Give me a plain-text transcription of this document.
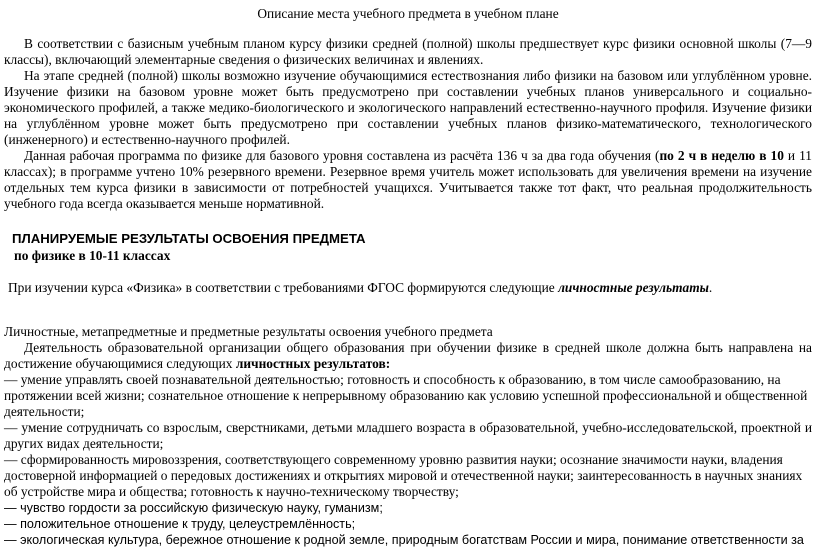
Описание места учебного предмета в учебном плане

В соответствии с базисным учебным планом курсу физики средней (полной) школы предшествует курс физики основной школы (7—9 классы), включающий элементарные сведения о физических величинах и явлениях.

На этапе средней (полной) школы возможно изучение обучающимися естествознания либо физики на базовом или углублённом уровне. Изучение физики на базовом уровне может быть предусмотрено при составлении учебных планов универсального и социально-экономического профилей, а также медико-биологического и экологического направлений естественно-научного профиля. Изучение физики на углублённом уровне может быть предусмотрено при составлении учебных планов физико-математического, технологического (инженерного) и естественно-научного профилей.

Данная рабочая программа по физике для базового уровня составлена из расчёта 136 ч за два года обучения (по 2 ч в неделю в 10 и 11 классах); в программе учтено 10% резервного времени. Резервное время учитель может использовать для увеличения времени на изучение отдельных тем курса физики в зависимости от потребностей учащихся. Учитывается также тот факт, что реальная продолжительность учебного года всегда оказывается меньше нормативной.

ПЛАНИРУЕМЫЕ РЕЗУЛЬТАТЫ ОСВОЕНИЯ ПРЕДМЕТА
по физике в 10-11 классах

При изучении курса «Физика» в соответствии с требованиями ФГОС формируются следующие личностные результаты.

Личностные, метапредметные и предметные результаты освоения учебного предмета

Деятельность образовательной организации общего образования при обучении физике в средней школе должна быть направлена на достижение обучающимися следующих личностных результатов:

— умение управлять своей познавательной деятельностью; готовность и способность к образованию, в том числе самообразованию, на протяжении всей жизни; сознательное отношение к непрерывному образованию как условию успешной профессиональной и общественной деятельности;

— умение сотрудничать со взрослым, сверстниками, детьми младшего возраста в образовательной, учебно-исследовательской, проектной и других видах деятельности;

— сформированность мировоззрения, соответствующего современному уровню развития науки; осознание значимости науки, владения достоверной информацией о передовых достижениях и открытиях мировой и отечественной науки; заинтересованность в научных знаниях об устройстве мира и общества; готовность к научно-техническому творчеству;

— чувство гордости за российскую физическую науку, гуманизм;

— положительное отношение к труду, целеустремлённость;

— экологическая культура, бережное отношение к родной земле, природным богатствам России и мира, понимание ответственности за
